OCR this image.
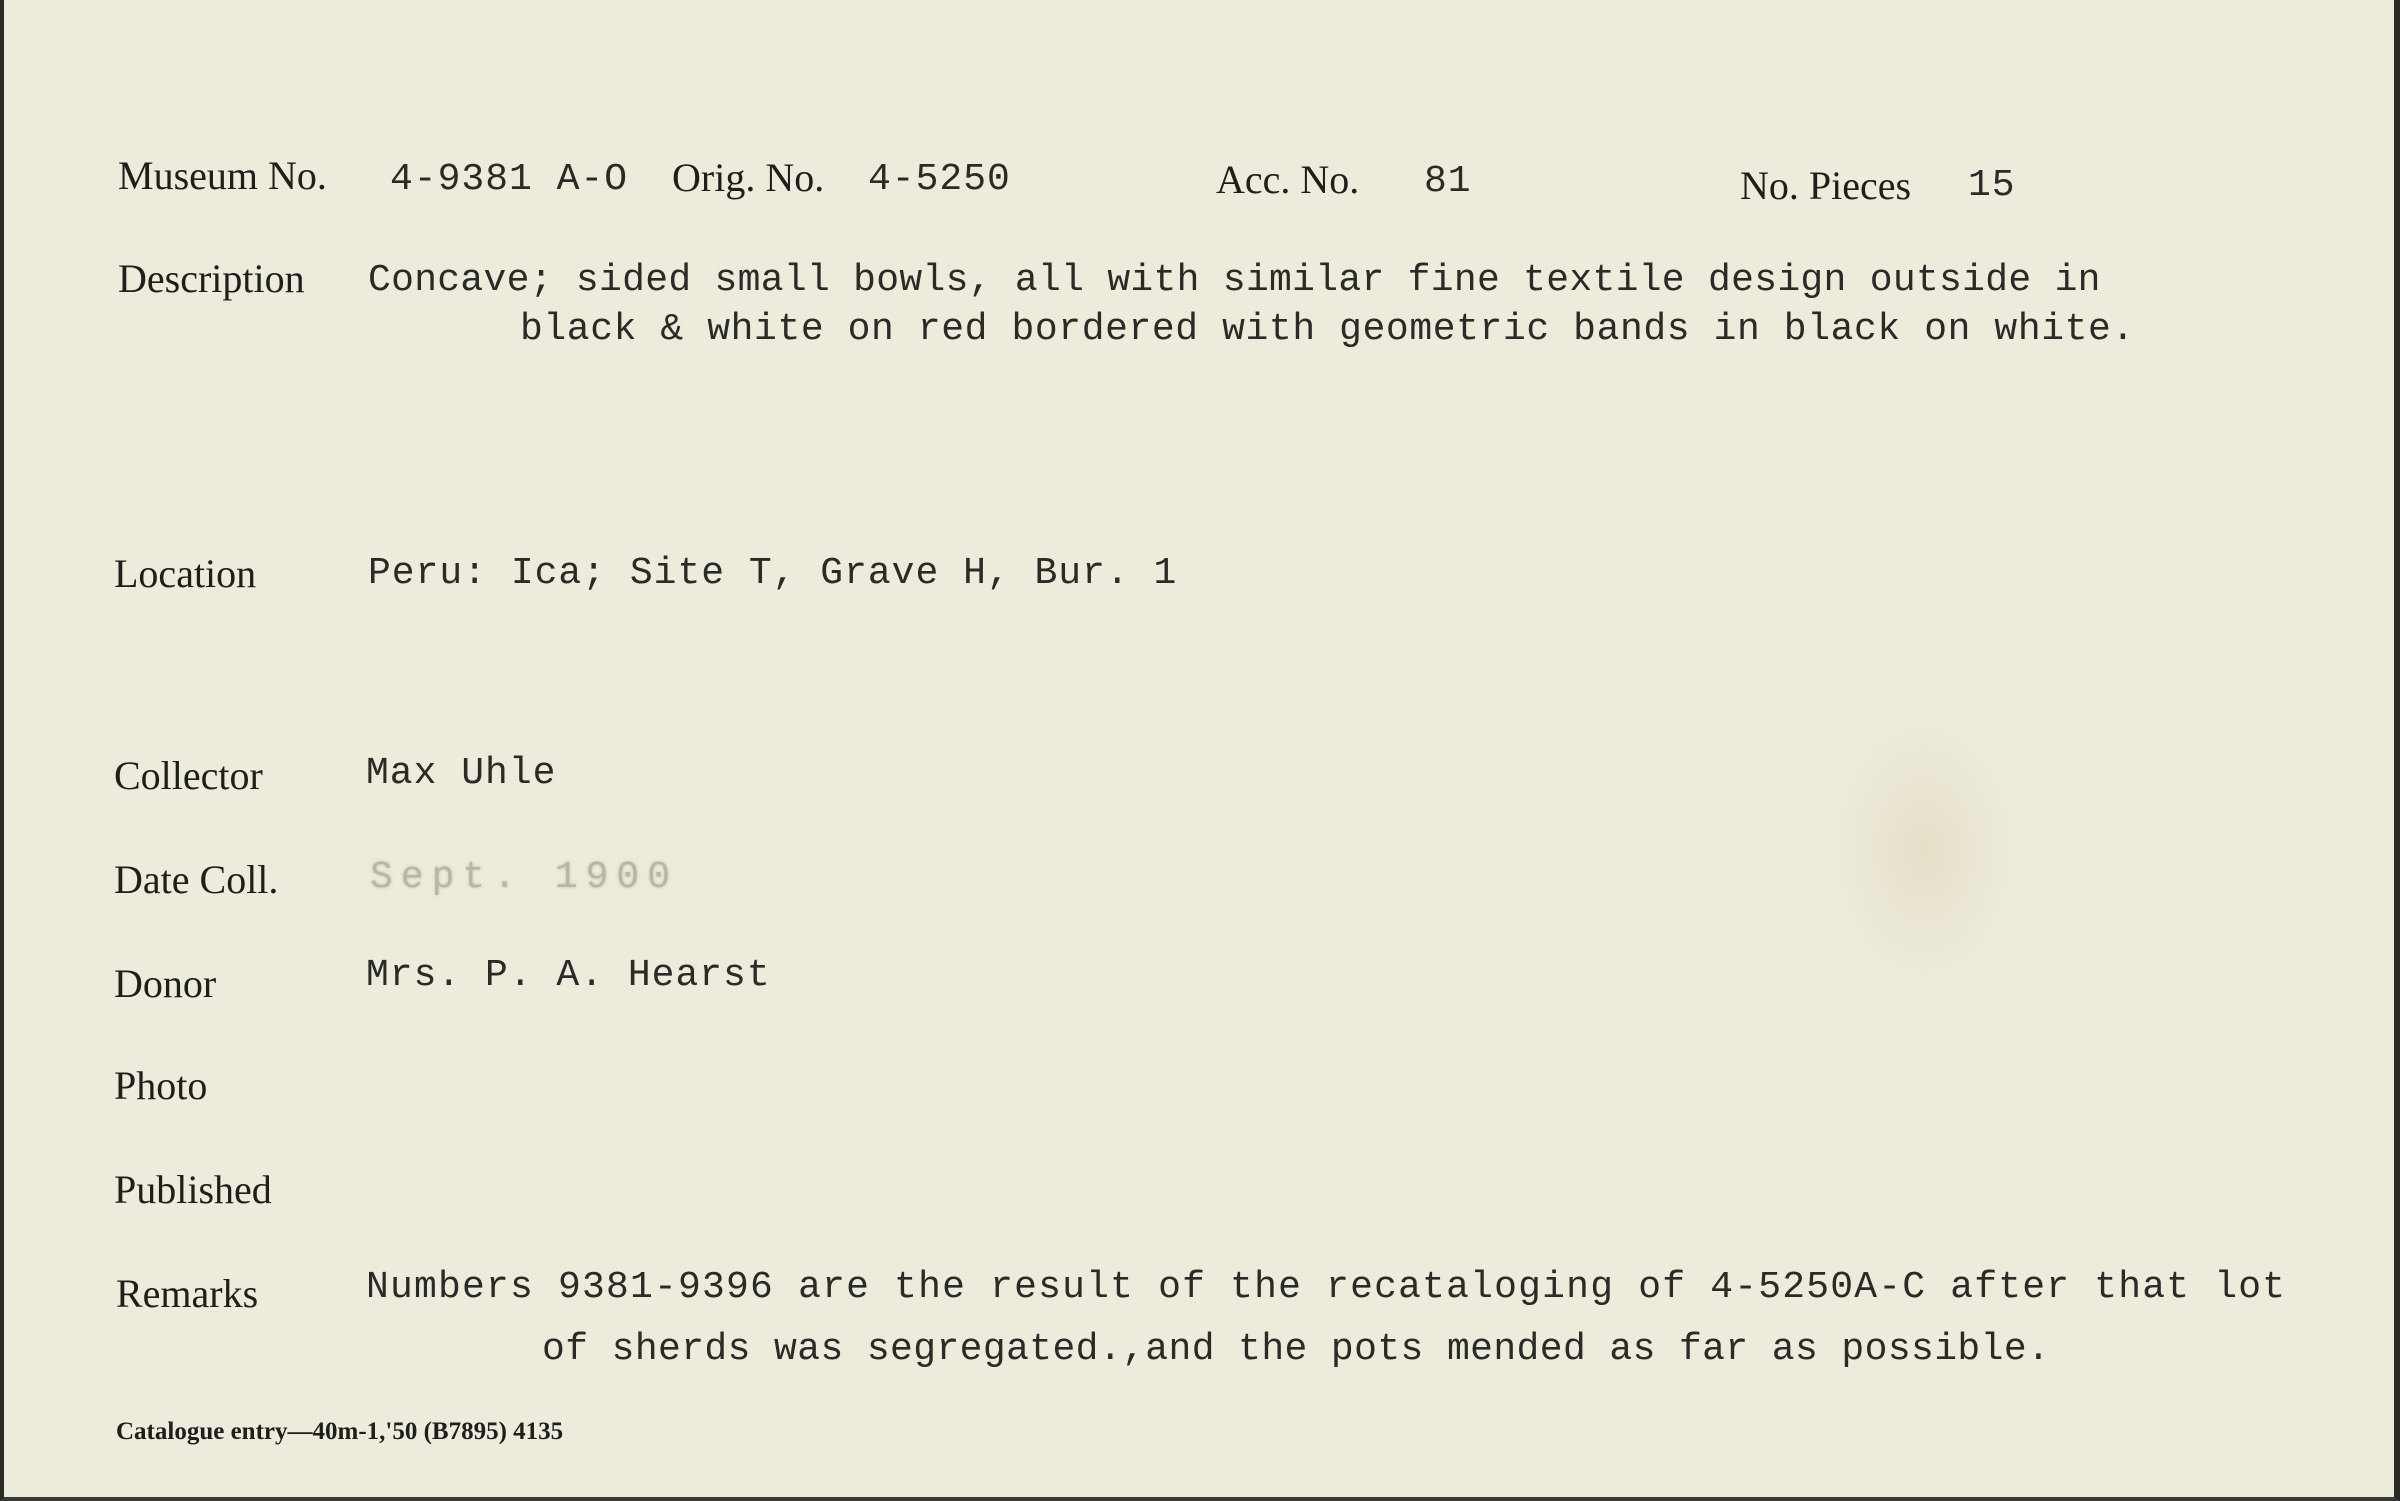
Museum No. 4-9381 A-O Orig. No. 4-5250	Acc. No. 81	No. Pieces 15
Description Concave; sided small bowls, all with similar fine textile design outside in
black & white on red bordered with geometric bands in black on white.
Location	Peru: Ica; Site T, Grave H, Bur. 1
Collector	Max Uhle
Date Coll. Sept. 1900
Donor	Mrs. P. A. Hearst
Photo
Published
Remarks	Numbers 9381-9396 are the result of the recataloging of 4-5250A-C after that lot
of sherds was segregated.,and the pots mended as far as possible.
Catalogue entry—40m-1,'50 (B7895) 4135
